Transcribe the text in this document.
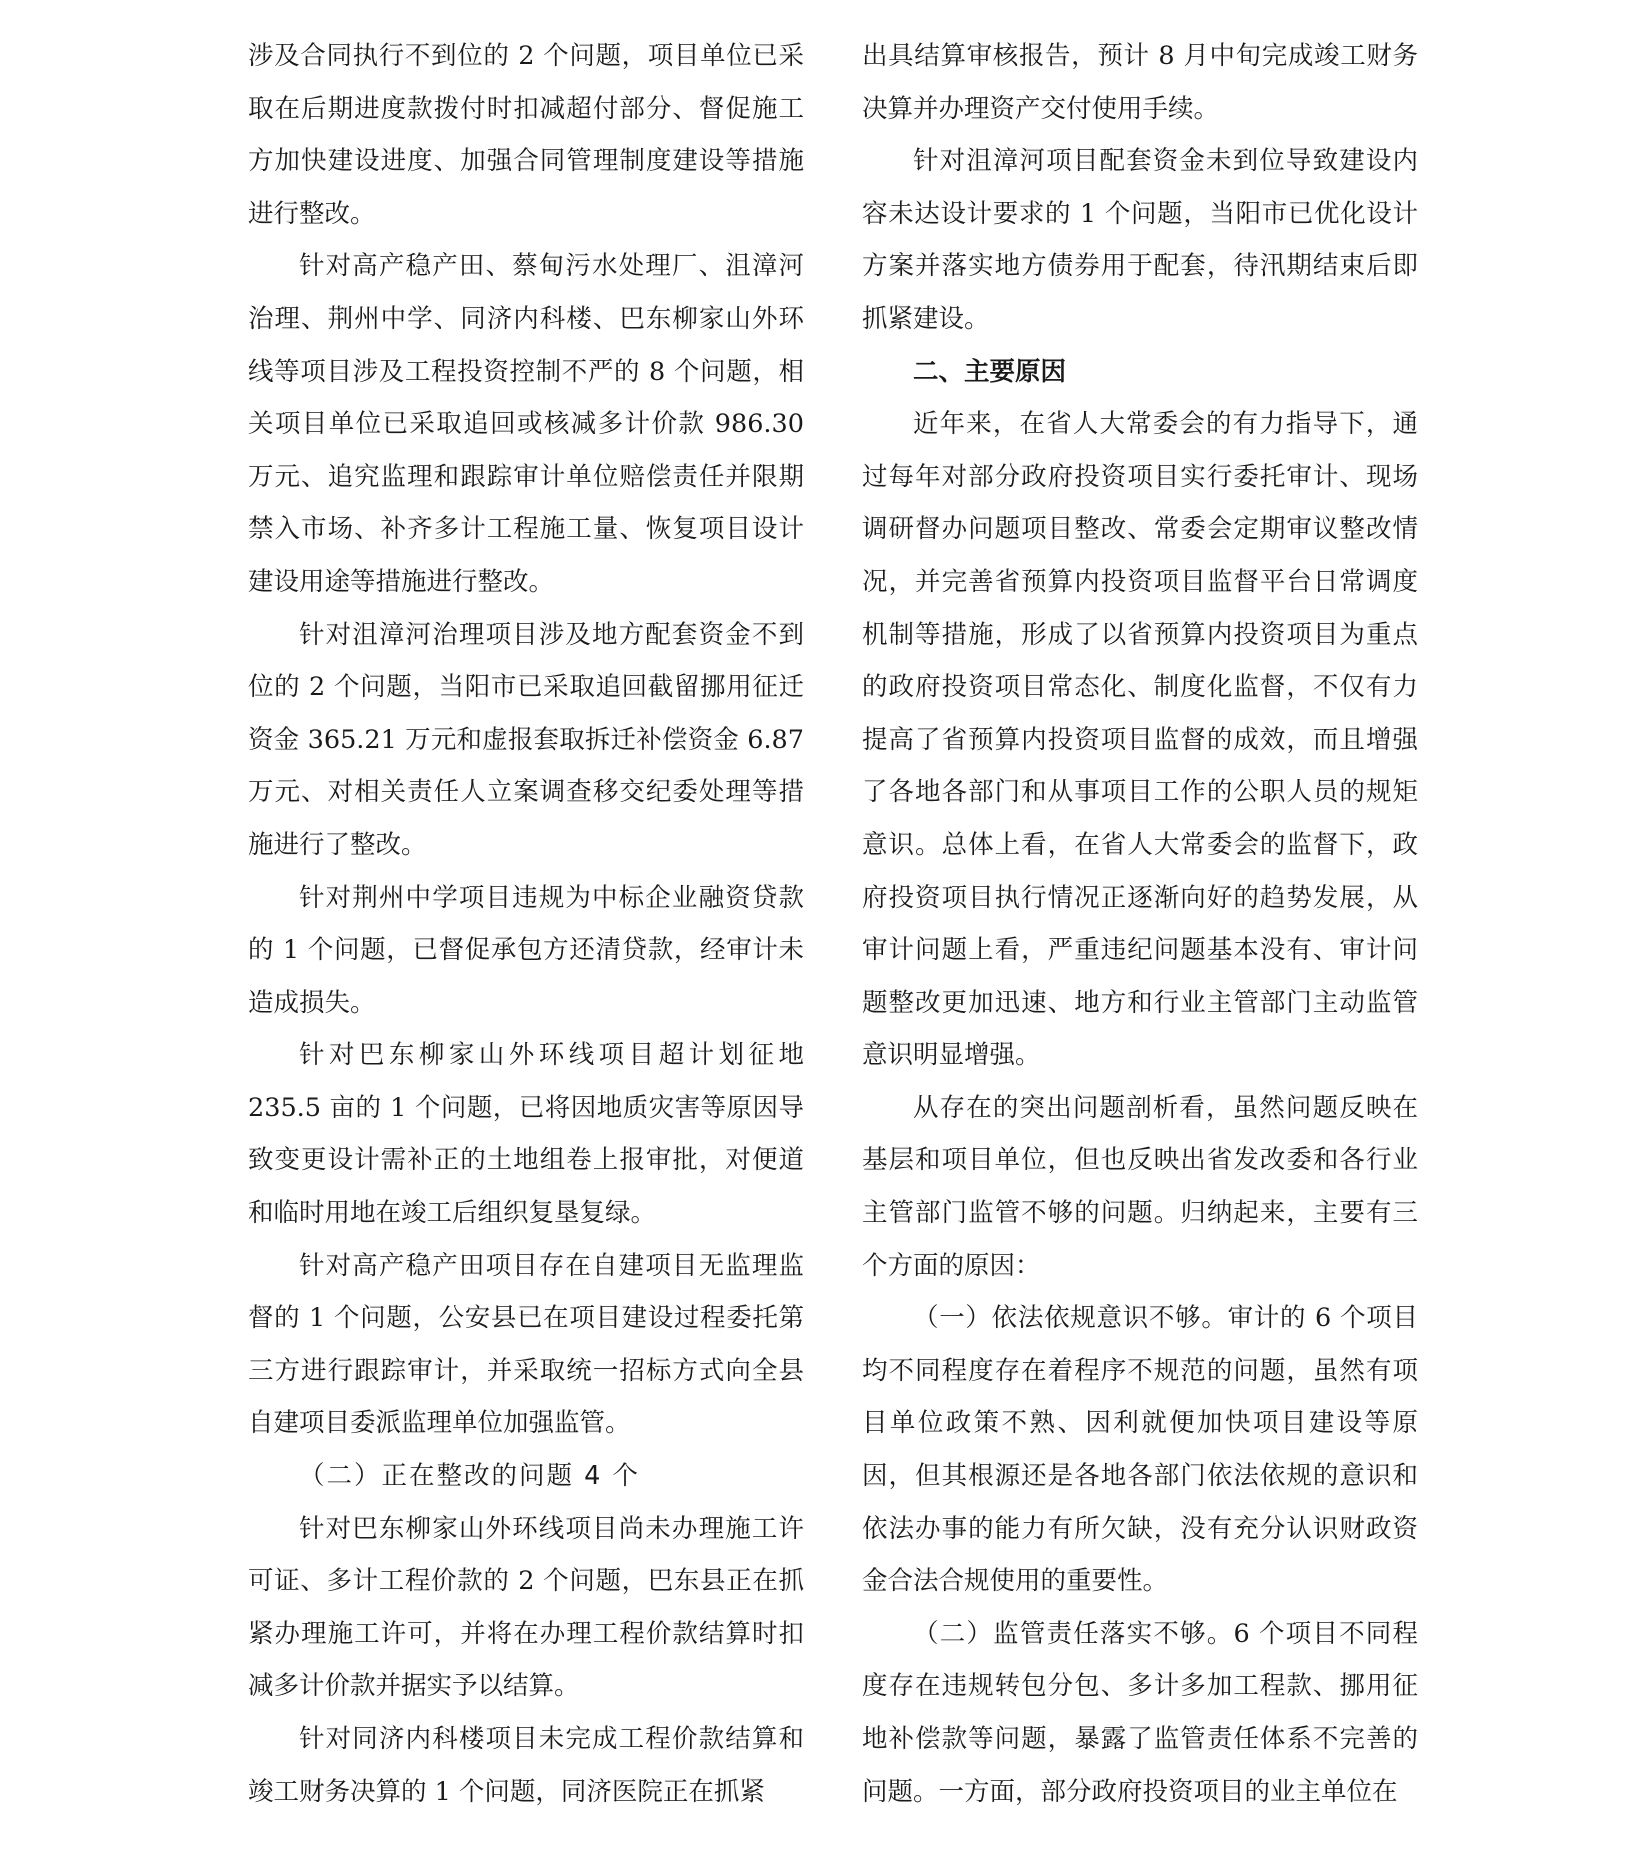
涉及合同执行不到位的 2 个问题，项目单位已采取在后期进度款拨付时扣减超付部分、督促施工方加快建设进度、加强合同管理制度建设等措施进行整改。

针对高产稳产田、蔡甸污水处理厂、沮漳河治理、荆州中学、同济内科楼、巴东柳家山外环线等项目涉及工程投资控制不严的 8 个问题，相关项目单位已采取追回或核减多计价款 986.30 万元、追究监理和跟踪审计单位赔偿责任并限期禁入市场、补齐多计工程施工量、恢复项目设计建设用途等措施进行整改。

针对沮漳河治理项目涉及地方配套资金不到位的 2 个问题，当阳市已采取追回截留挪用征迁资金 365.21 万元和虚报套取拆迁补偿资金 6.87 万元、对相关责任人立案调查移交纪委处理等措施进行了整改。

针对荆州中学项目违规为中标企业融资贷款的 1 个问题，已督促承包方还清贷款，经审计未造成损失。

针对巴东柳家山外环线项目超计划征地 235.5 亩的 1 个问题，已将因地质灾害等原因导致变更设计需补正的土地组卷上报审批，对便道和临时用地在竣工后组织复垦复绿。

针对高产稳产田项目存在自建项目无监理监督的 1 个问题，公安县已在项目建设过程委托第三方进行跟踪审计，并采取统一招标方式向全县自建项目委派监理单位加强监管。

（二）正在整改的问题 4 个

针对巴东柳家山外环线项目尚未办理施工许可证、多计工程价款的 2 个问题，巴东县正在抓紧办理施工许可，并将在办理工程价款结算时扣减多计价款并据实予以结算。

针对同济内科楼项目未完成工程价款结算和竣工财务决算的 1 个问题，同济医院正在抓紧

出具结算审核报告，预计 8 月中旬完成竣工财务决算并办理资产交付使用手续。

针对沮漳河项目配套资金未到位导致建设内容未达设计要求的 1 个问题，当阳市已优化设计方案并落实地方债券用于配套，待汛期结束后即抓紧建设。

二、主要原因

近年来，在省人大常委会的有力指导下，通过每年对部分政府投资项目实行委托审计、现场调研督办问题项目整改、常委会定期审议整改情况，并完善省预算内投资项目监督平台日常调度机制等措施，形成了以省预算内投资项目为重点的政府投资项目常态化、制度化监督，不仅有力提高了省预算内投资项目监督的成效，而且增强了各地各部门和从事项目工作的公职人员的规矩意识。总体上看，在省人大常委会的监督下，政府投资项目执行情况正逐渐向好的趋势发展，从审计问题上看，严重违纪问题基本没有、审计问题整改更加迅速、地方和行业主管部门主动监管意识明显增强。

从存在的突出问题剖析看，虽然问题反映在基层和项目单位，但也反映出省发改委和各行业主管部门监管不够的问题。归纳起来，主要有三个方面的原因：

（一）依法依规意识不够。审计的 6 个项目均不同程度存在着程序不规范的问题，虽然有项目单位政策不熟、因利就便加快项目建设等原因，但其根源还是各地各部门依法依规的意识和依法办事的能力有所欠缺，没有充分认识财政资金合法合规使用的重要性。

（二）监管责任落实不够。6 个项目不同程度存在违规转包分包、多计多加工程款、挪用征地补偿款等问题，暴露了监管责任体系不完善的问题。一方面，部分政府投资项目的业主单位在
